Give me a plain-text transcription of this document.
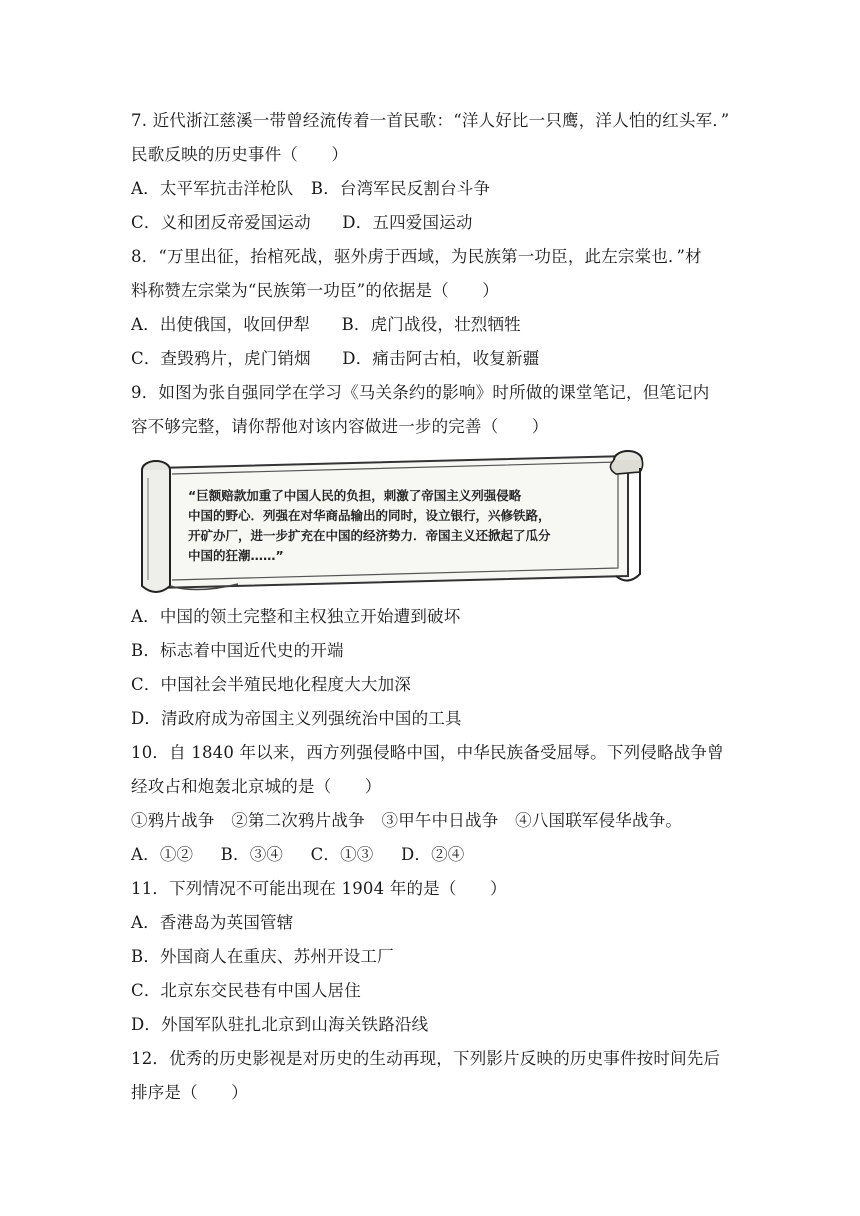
7. 近代浙江慈溪一带曾经流传着一首民歌：“洋人好比一只鹰，洋人怕的红头军．”
民歌反映的历史事件（　　）
A．太平军抗击洋枪队 B．台湾军民反割台斗争
C．义和团反帝爱国运动 D．五四爱国运动
8．“万里出征，抬棺死战，驱外虏于西域，为民族第一功臣，此左宗棠也．”材
料称赞左宗棠为“民族第一功臣”的依据是（　　）
A．出使俄国，收回伊犁 B．虎门战役，壮烈牺牲
C．查毁鸦片，虎门销烟 D．痛击阿古柏，收复新疆
9．如图为张自强同学在学习《马关条约的影响》时所做的课堂笔记，但笔记内
容不够完整，请你帮他对该内容做进一步的完善（　　）
“巨额赔款加重了中国人民的负担，刺激了帝国主义列强侵略
中国的野心．列强在对华商品输出的同时，设立银行，兴修铁路，
开矿办厂，进一步扩充在中国的经济势力．帝国主义还掀起了瓜分
中国的狂潮……”
A．中国的领土完整和主权独立开始遭到破坏
B．标志着中国近代史的开端
C．中国社会半殖民地化程度大大加深
D．清政府成为帝国主义列强统治中国的工具
10．自 1840 年以来，西方列强侵略中国，中华民族备受屈辱。下列侵略战争曾
经攻占和炮轰北京城的是（　　）
①鸦片战争　②第二次鸦片战争　③甲午中日战争　④八国联军侵华战争。
A．①② B．③④ C．①③ D．②④
11．下列情况不可能出现在 1904 年的是（　　）
A．香港岛为英国管辖
B．外国商人在重庆、苏州开设工厂
C．北京东交民巷有中国人居住
D．外国军队驻扎北京到山海关铁路沿线
12．优秀的历史影视是对历史的生动再现，下列影片反映的历史事件按时间先后
排序是（　　）
